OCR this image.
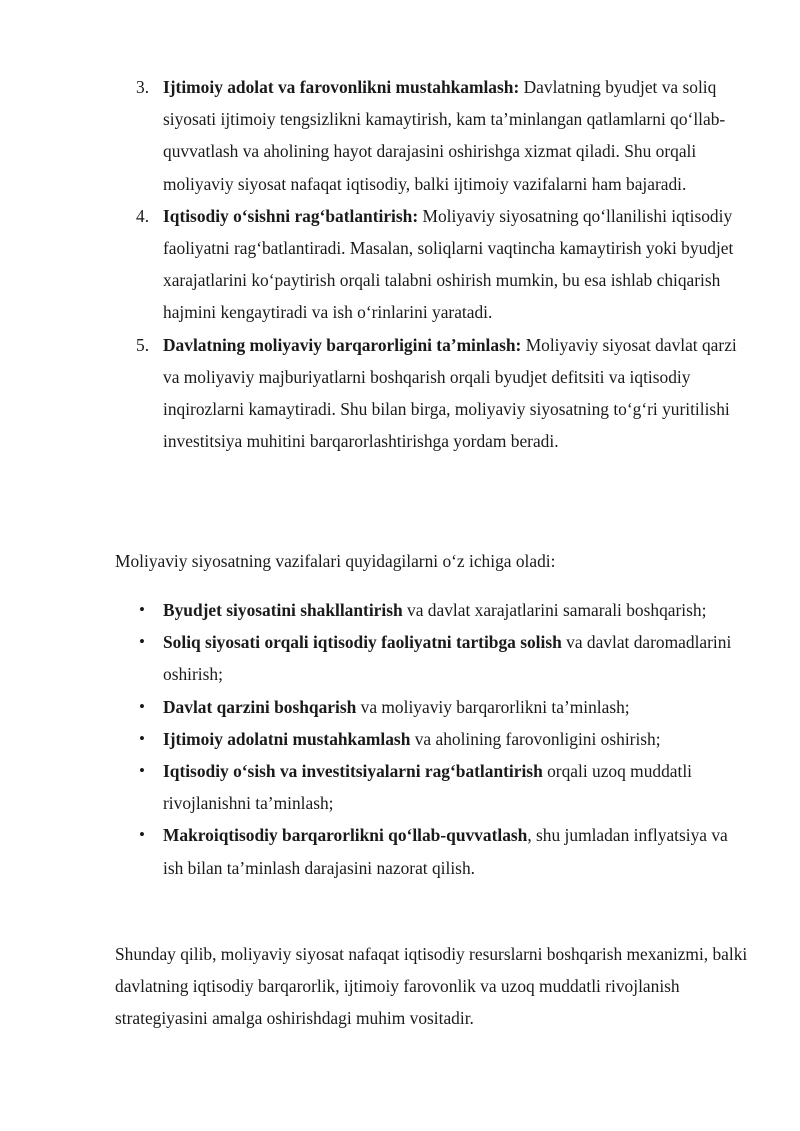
3. Ijtimoiy adolat va farovonlikni mustahkamlash: Davlatning byudjet va soliq siyosati ijtimoiy tengsizlikni kamaytirish, kam ta’minlangan qatlamlarni qo‘llab-quvvatlash va aholining hayot darajasini oshirishga xizmat qiladi. Shu orqali moliyaviy siyosat nafaqat iqtisodiy, balki ijtimoiy vazifalarni ham bajaradi.
4. Iqtisodiy o‘sishni rag‘batlantirish: Moliyaviy siyosatning qo‘llanilishi iqtisodiy faoliyatni rag‘batlantiradi. Masalan, soliqlarni vaqtincha kamaytirish yoki byudjet xarajatlarini ko‘paytirish orqali talabni oshirish mumkin, bu esa ishlab chiqarish hajmini kengaytiradi va ish o‘rinlarini yaratadi.
5. Davlatning moliyaviy barqarorligini ta’minlash: Moliyaviy siyosat davlat qarzi va moliyaviy majburiyatlarni boshqarish orqali byudjet defitsiti va iqtisodiy inqirozlarni kamaytiradi. Shu bilan birga, moliyaviy siyosatning to‘g‘ri yuritilishi investitsiya muhitini barqarorlashtirishga yordam beradi.

Moliyaviy siyosatning vazifalari quyidagilarni o‘z ichiga oladi:

• Byudjet siyosatini shakllantirish va davlat xarajatlarini samarali boshqarish;
• Soliq siyosati orqali iqtisodiy faoliyatni tartibga solish va davlat daromadlarini oshirish;
• Davlat qarzini boshqarish va moliyaviy barqarorlikni ta’minlash;
• Ijtimoiy adolatni mustahkamlash va aholining farovonligini oshirish;
• Iqtisodiy o‘sish va investitsiyalarni rag‘batlantirish orqali uzoq muddatli rivojlanishni ta’minlash;
• Makroiqtisodiy barqarorlikni qo‘llab-quvvatlash, shu jumladan inflyatsiya va ish bilan ta’minlash darajasini nazorat qilish.

Shunday qilib, moliyaviy siyosat nafaqat iqtisodiy resurslarni boshqarish mexanizmi, balki davlatning iqtisodiy barqarorlik, ijtimoiy farovonlik va uzoq muddatli rivojlanish strategiyasini amalga oshirishdagi muhim vositadir.
